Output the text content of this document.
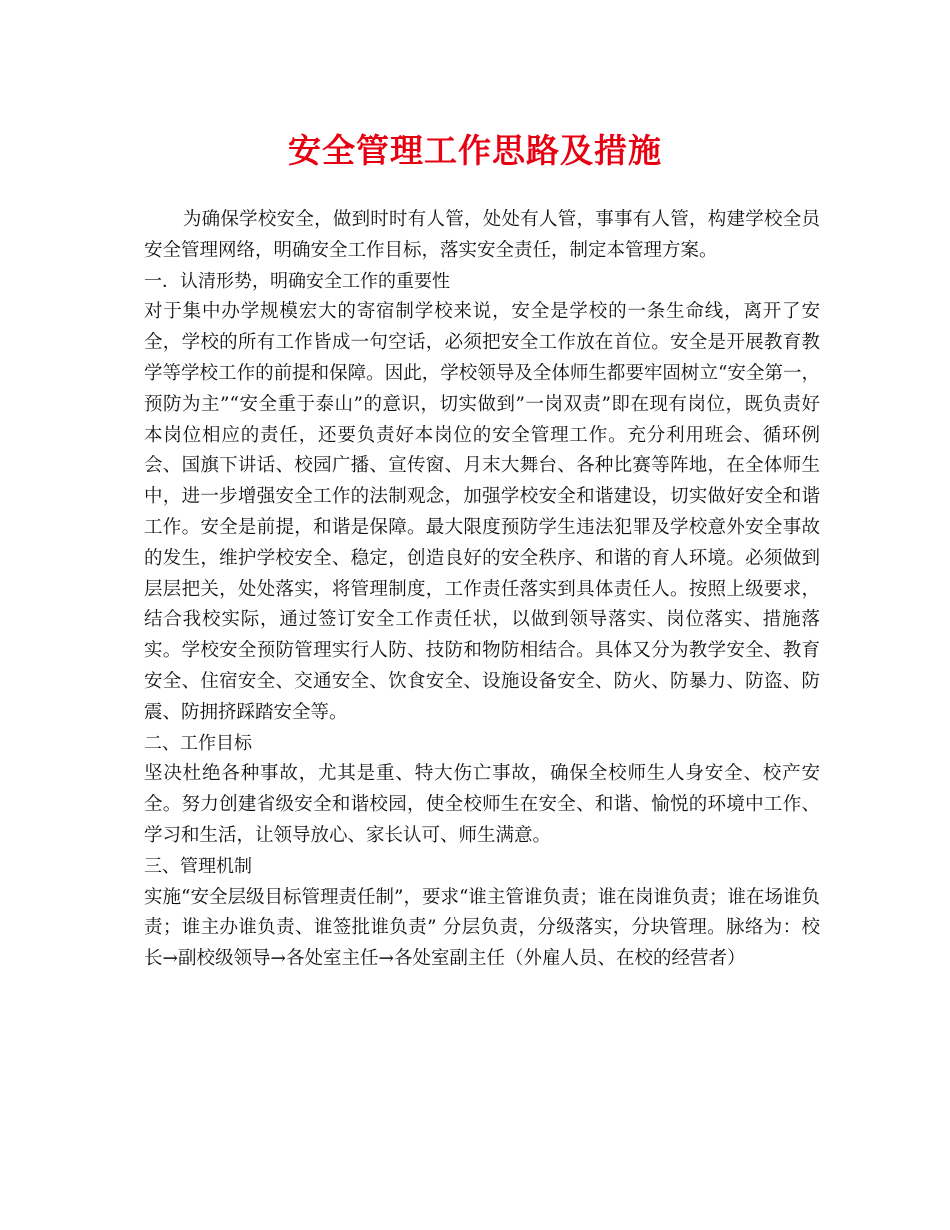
安全管理工作思路及措施

为确保学校安全，做到时时有人管，处处有人管，事事有人管，构建学校全员安全管理网络，明确安全工作目标，落实安全责任，制定本管理方案。

一．认清形势，明确安全工作的重要性

对于集中办学规模宏大的寄宿制学校来说，安全是学校的一条生命线，离开了安全，学校的所有工作皆成一句空话，必须把安全工作放在首位。安全是开展教育教学等学校工作的前提和保障。因此，学校领导及全体师生都要牢固树立“安全第一，预防为主”“安全重于泰山”的意识，切实做到”一岗双责”即在现有岗位，既负责好本岗位相应的责任，还要负责好本岗位的安全管理工作。充分利用班会、循环例会、国旗下讲话、校园广播、宣传窗、月末大舞台、各种比赛等阵地，在全体师生中，进一步增强安全工作的法制观念，加强学校安全和谐建设，切实做好安全和谐工作。安全是前提，和谐是保障。最大限度预防学生违法犯罪及学校意外安全事故的发生，维护学校安全、稳定，创造良好的安全秩序、和谐的育人环境。必须做到层层把关，处处落实，将管理制度，工作责任落实到具体责任人。按照上级要求，结合我校实际，通过签订安全工作责任状，以做到领导落实、岗位落实、措施落实。学校安全预防管理实行人防、技防和物防相结合。具体又分为教学安全、教育安全、住宿安全、交通安全、饮食安全、设施设备安全、防火、防暴力、防盗、防震、防拥挤踩踏安全等。

二、工作目标

坚决杜绝各种事故，尤其是重、特大伤亡事故，确保全校师生人身安全、校产安全。努力创建省级安全和谐校园，使全校师生在安全、和谐、愉悦的环境中工作、学习和生活，让领导放心、家长认可、师生满意。

三、管理机制

实施“安全层级目标管理责任制”，要求“谁主管谁负责；谁在岗谁负责；谁在场谁负责；谁主办谁负责、谁签批谁负责” 分层负责，分级落实，分块管理。脉络为：校长→副校级领导→各处室主任→各处室副主任（外雇人员、在校的经营者）
